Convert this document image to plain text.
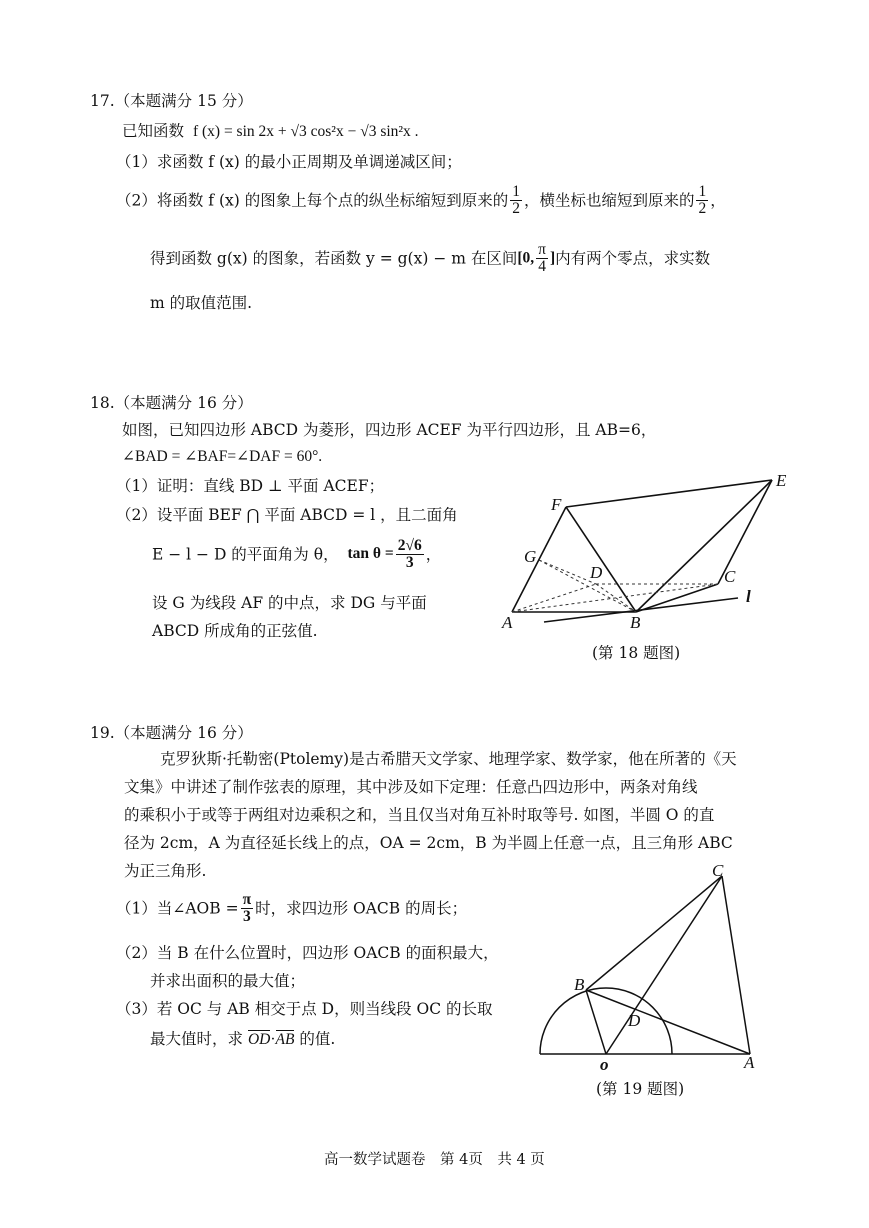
17.（本题满分 15 分）
已知函数 f (x) = sin 2x + √3 cos²x − √3 sin²x .
（1）求函数 f (x) 的最小正周期及单调递减区间；
（2）将函数 f (x) 的图象上每个点的纵坐标缩短到原来的 $\frac{1}{2}$ ，横坐标也缩短到原来的 $\frac{1}{2}$ ，
得到函数 g(x) 的图象，若函数 y = g(x) − m 在区间[0, $\frac{\pi}{4}$ ]内有两个零点，求实数
m 的取值范围.
18.（本题满分 16 分）
如图，已知四边形 ABCD 为菱形，四边形 ACEF 为平行四边形，且 AB=6，
∠BAD = ∠BAF=∠DAF = 60°.
（1）证明：直线 BD ⊥ 平面 ACEF；
（2）设平面 BEF ⋂ 平面 ABCD = l ，且二面角
E − l − D 的平面角为 θ， $\tan \theta = \frac{2√6}{3}$ ，
设 G 为线段 AF 的中点，求 DG 与平面
ABCD 所成角的正弦值.
E
F
G
D	C
A	B
l
(第 18 题图)
19.（本题满分 16 分）
克罗狄斯·托勒密(Ptolemy)是古希腊天文学家、地理学家、数学家，他在所著的《天
文集》中讲述了制作弦表的原理，其中涉及如下定理：任意凸四边形中，两条对角线
的乘积小于或等于两组对边乘积之和，当且仅当对角互补时取等号. 如图，半圆 O 的直
径为 2cm，A 为直径延长线上的点，OA = 2cm，B 为半圆上任意一点，且三角形 ABC
为正三角形.
（1）当∠AOB = $\frac{\pi}{3}$ 时，求四边形 OACB 的周长；
（2）当 B 在什么位置时，四边形 OACB 的面积最大，
并求出面积的最大值；
（3）若 OC 与 AB 相交于点 D，则当线段 OC 的长取
最大值时，求 OD·AB 的值.
C
B
D
o	A
(第 19 题图)
高一数学试题卷　第 4页　共 4 页
